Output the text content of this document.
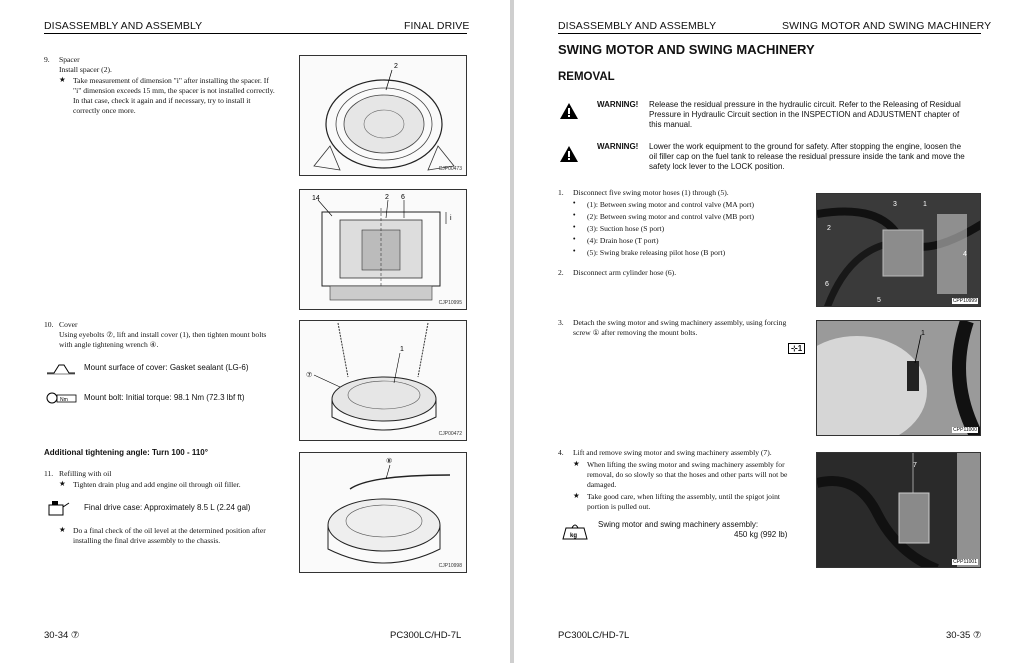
DISASSEMBLY AND ASSEMBLY	FINAL DRIVE
9. Spacer
Install spacer (2).
★ Take measurement of dimension "i" after installing the spacer. If
"i" dimension exceeds 15 mm, the spacer is not installed correctly.
In that case, check it again and if necessary, try to install it
correctly once more.
2
CJP00473
14	2 6
i
CJP10995
10. Cover
Using eyebolts ⑦, lift and install cover (1), then tighten mount bolts
with angle tightening wrench ④.
Mount surface of cover: Gasket sealant (LG-6)
Nm Mount bolt: Initial torque: 98.1 Nm (72.3 lbf ft)
1
⑦
CJP00472
Additional tightening angle: Turn 100 - 110°
11. Refilling with oil
★ Tighten drain plug and add engine oil through oil filler.
Final drive case: Approximately 8.5 L (2.24 gal)
★ Do a final check of the oil level at the determined position after
installing the final drive assembly to the chassis.
⑧
CJP10998
30-34 ⑦	PC300LC/HD-7L
DISASSEMBLY AND ASSEMBLY	SWING MOTOR AND SWING MACHINERY
SWING MOTOR AND SWING MACHINERY
REMOVAL
WARNING! Release the residual pressure in the hydraulic circuit. Refer to the Releasing of Residual
Pressure in Hydraulic Circuit section in the INSPECTION and ADJUSTMENT chapter of
this manual.
WARNING! Lower the work equipment to the ground for safety. After stopping the engine, loosen the
oil filler cap on the fuel tank to release the residual pressure inside the tank and move the
safety lock lever to the LOCK position.
1. Disconnect five swing motor hoses (1) through (5).
• (1): Between swing motor and control valve (MA port)
• (2): Between swing motor and control valve (MB port)
• (3): Suction hose (S port)
• (4): Drain hose (T port)
• (5): Swing brake releasing pilot hose (B port)
2. Disconnect arm cylinder hose (6).
2
3	1
4
6
5	CPP10999
3. Detach the swing motor and swing machinery assembly, using forcing
screw ① after removing the mount bolts.
⊹1
1
CPP11000
4. Lift and remove swing motor and swing machinery assembly (7).
★ When lifting the swing motor and swing machinery assembly for
removal, do so slowly so that the hoses and other parts will not be
damaged.
★ Take good care, when lifting the assembly, until the spigot joint
portion is pulled out.
kg
Swing motor and swing machinery assembly:
450 kg (992 lb)
7
CPP11001
PC300LC/HD-7L	30-35 ⑦
